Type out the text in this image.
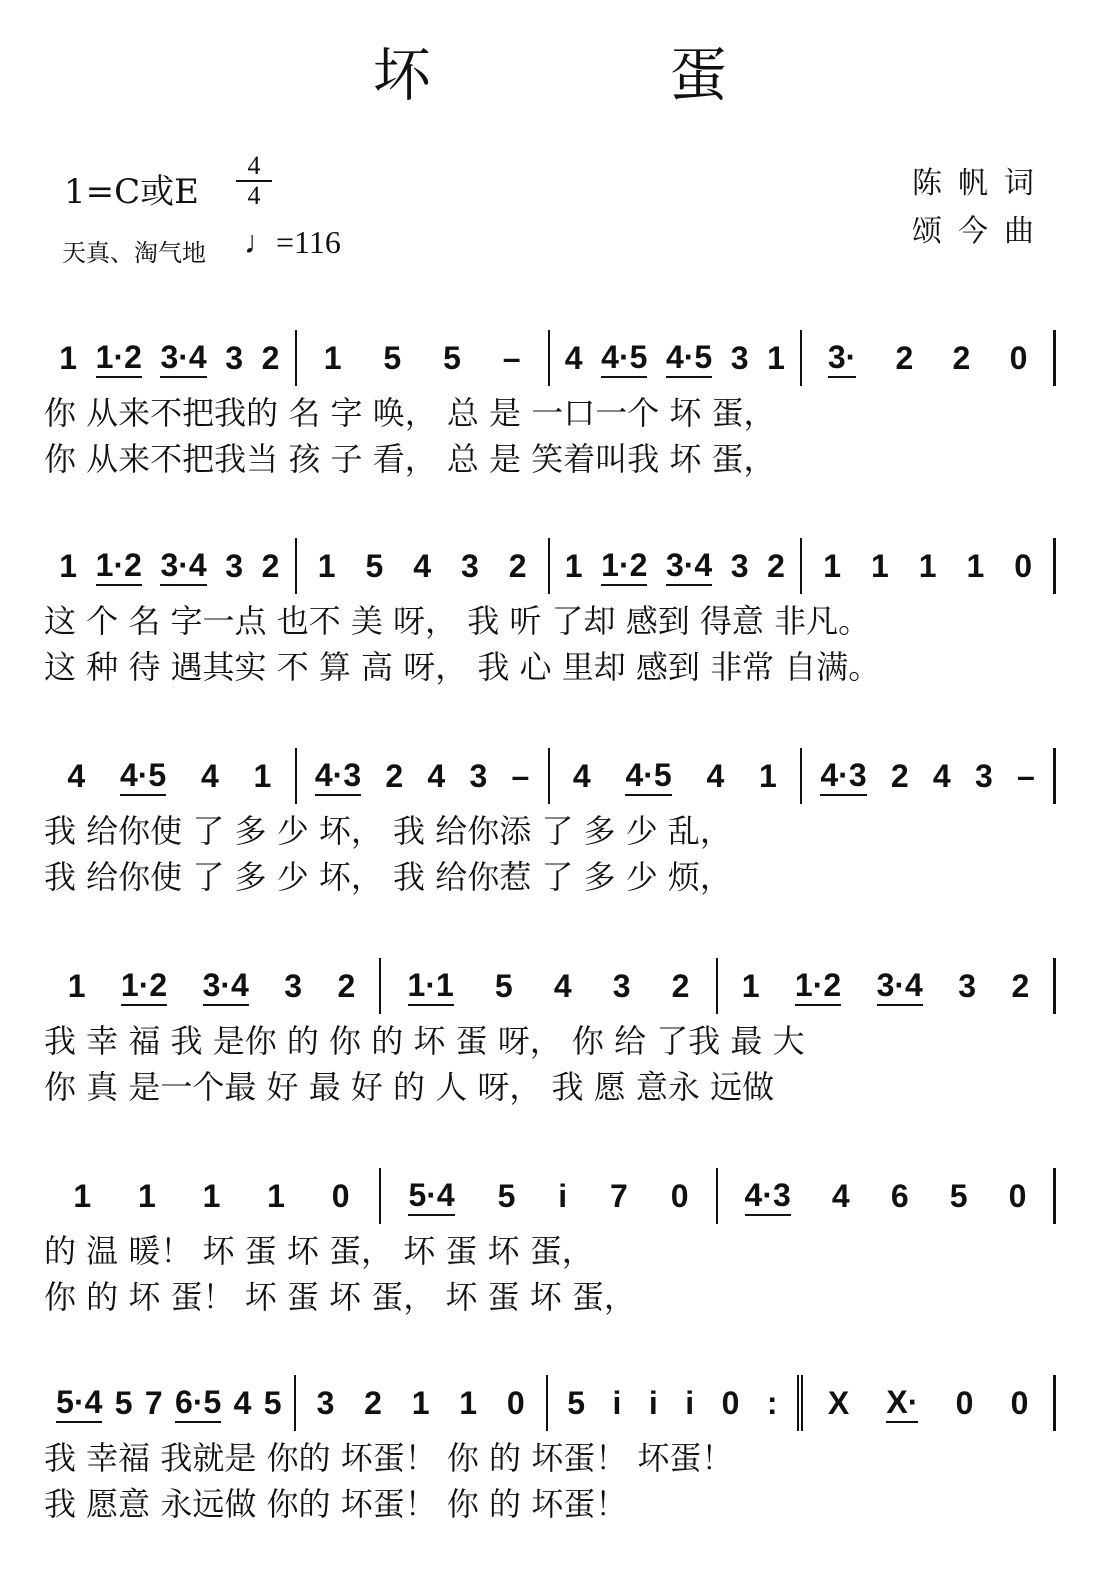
坏 蛋
1=C或E
4
4
天真、淘气地 ♩=116
陈帆词
颂今曲
1 1·2 3·4 3 2 1 5 5 – 4 4·5 4·5 3 1 3· 2 2 0
你 从来不把我的 名 字 唤， 总 是 一口一个 坏 蛋，
你 从来不把我当 孩 子 看， 总 是 笑着叫我 坏 蛋，
1 1·2 3·4 3 2 1 5 4 3 2 1 1·2 3·4 3 2 1 1 1 1 0
这 个 名 字一点 也不 美 呀， 我 听 了却 感到 得意 非凡。
这 种 待 遇其实 不 算 高 呀， 我 心 里却 感到 非常 自满。
4 4·5 4 1 4·3 2 4 3 – 4 4·5 4 1 4·3 2 4 3 –
我 给你使 了 多 少 坏， 我 给你添 了 多 少 乱，
我 给你使 了 多 少 坏， 我 给你惹 了 多 少 烦，
1 1·2 3·4 3 2 1·1 5 4 3 2 1 1·2 3·4 3 2
我 幸 福 我 是你 的 你 的 坏 蛋 呀， 你 给 了我 最 大
你 真 是一个最 好 最 好 的 人 呀， 我 愿 意永 远做
1 1 1 1 0 5·4 5 i 7 0 4·3 4 6 5 0
的 温 暖！ 坏 蛋 坏 蛋， 坏 蛋 坏 蛋，
你 的 坏 蛋！ 坏 蛋 坏 蛋， 坏 蛋 坏 蛋，
5·4 5 7 6·5 4 5 3 2 1 1 0 5 i i i 0 : X X· 0 0
我 幸福 我就是 你的 坏蛋！ 你 的 坏蛋！ 坏蛋！
我 愿意 永远做 你的 坏蛋！ 你 的 坏蛋！
